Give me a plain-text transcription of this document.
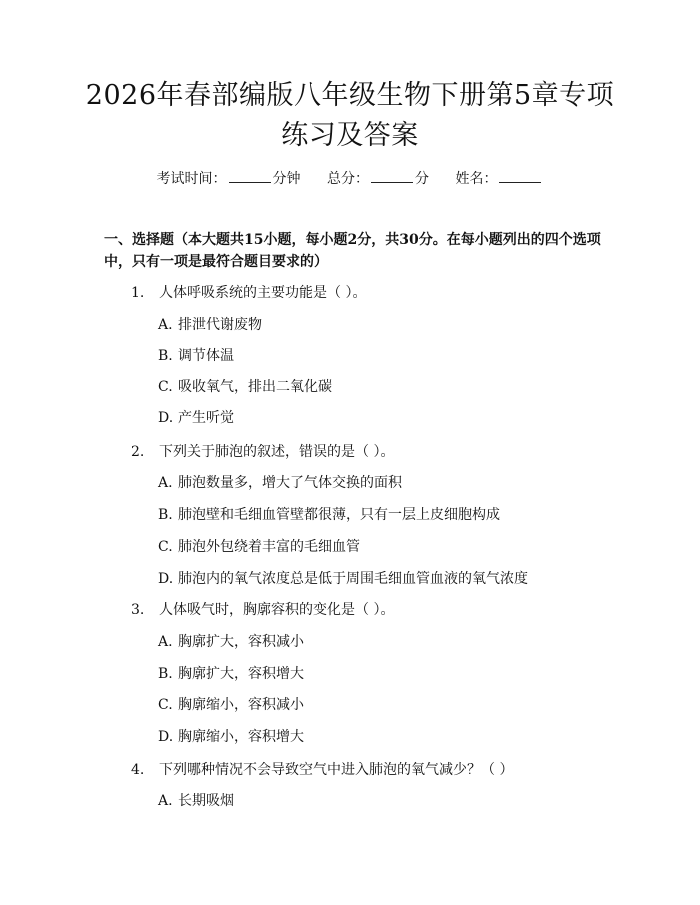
2026年春部编版八年级生物下册第5章专项
练习及答案
考试时间：	分钟 总分：	分 姓名：
一、选择题（本大题共15小题，每小题2分，共30分。在每小题列出的四个选项中，只有一项是最符合题目要求的）
1. 人体呼吸系统的主要功能是（ ）。
A. 排泄代谢废物
B. 调节体温
C. 吸收氧气，排出二氧化碳
D. 产生听觉
2. 下列关于肺泡的叙述，错误的是（ ）。
A. 肺泡数量多，增大了气体交换的面积
B. 肺泡壁和毛细血管壁都很薄，只有一层上皮细胞构成
C. 肺泡外包绕着丰富的毛细血管
D. 肺泡内的氧气浓度总是低于周围毛细血管血液的氧气浓度
3. 人体吸气时，胸廓容积的变化是（ ）。
A. 胸廓扩大，容积减小
B. 胸廓扩大，容积增大
C. 胸廓缩小，容积减小
D. 胸廓缩小，容积增大
4. 下列哪种情况不会导致空气中进入肺泡的氧气减少？（ ）
A. 长期吸烟
